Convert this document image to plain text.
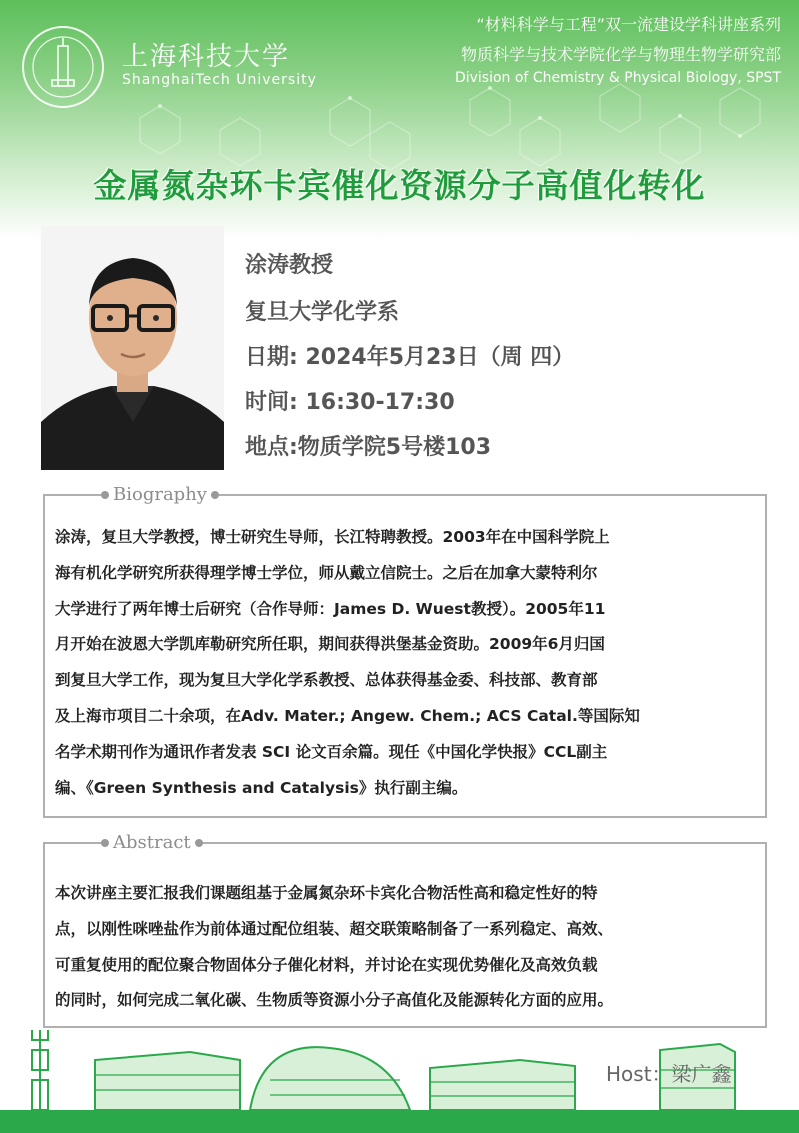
上海科技大学
ShanghaiTech University
“材料科学与工程”双一流建设学科讲座系列
物质科学与技术学院化学与物理生物学研究部
Division of Chemistry & Physical Biology, SPST
金属氮杂环卡宾催化资源分子高值化转化
涂涛教授
复旦大学化学系
日期: 2024年5月23日（周 四）
时间: 16:30-17:30
地点:物质学院5号楼103
Biography
涂涛，复旦大学教授，博士研究生导师，长江特聘教授。2003年在中国科学院上
海有机化学研究所获得理学博士学位，师从戴立信院士。之后在加拿大蒙特利尔
大学进行了两年博士后研究（合作导师：James D. Wuest教授）。2005年11
月开始在波恩大学凯库勒研究所任职，期间获得洪堡基金资助。2009年6月归国
到复旦大学工作，现为复旦大学化学系教授、总体获得基金委、科技部、教育部
及上海市项目二十余项，在Adv. Mater.; Angew. Chem.; ACS Catal.等国际知
名学术期刊作为通讯作者发表 SCI 论文百余篇。现任《中国化学快报》CCL副主
编、《Green Synthesis and Catalysis》执行副主编。
Abstract
本次讲座主要汇报我们课题组基于金属氮杂环卡宾化合物活性高和稳定性好的特
点，以刚性咪唑盐作为前体通过配位组装、超交联策略制备了一系列稳定、高效、
可重复使用的配位聚合物固体分子催化材料，并讨论在实现优势催化及高效负载
的同时，如何完成二氧化碳、生物质等资源小分子高值化及能源转化方面的应用。
Host：梁广鑫
